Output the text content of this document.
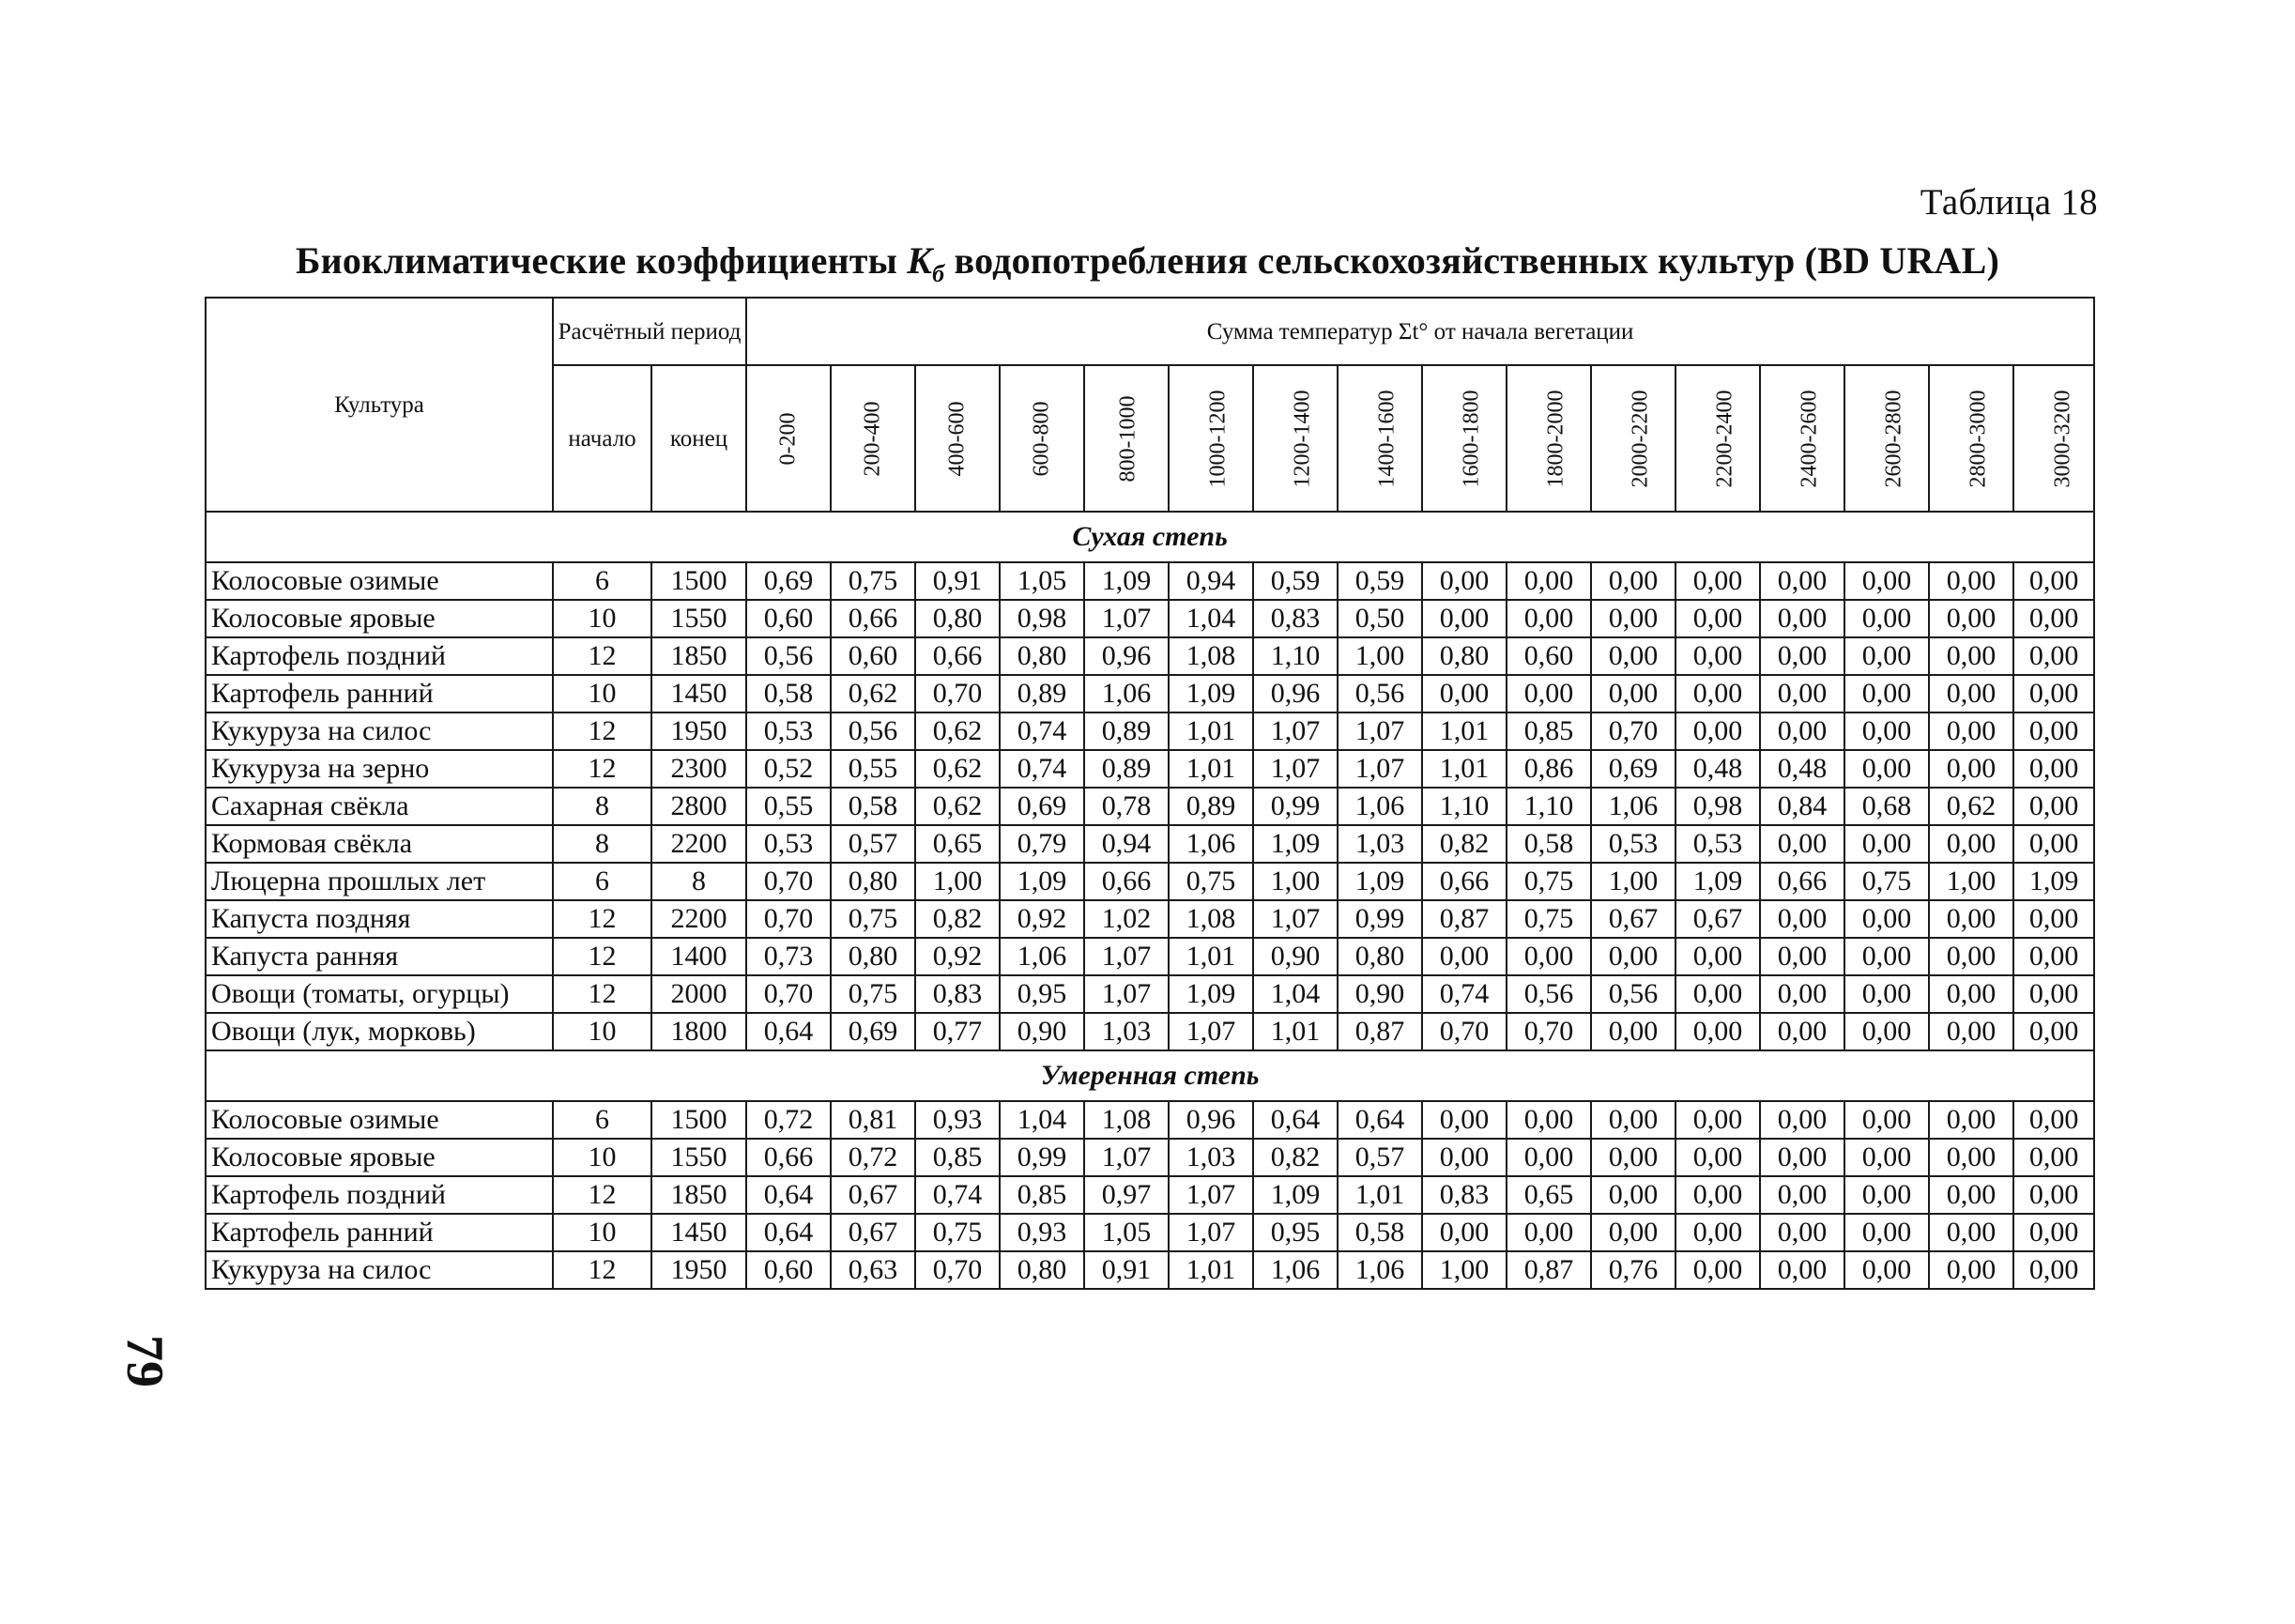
Таблица 18
Биоклиматические коэффициенты $K_б$ водопотребления сельскохозяйственных культур (BD URAL)
Культура	Расчётный период		Сумма температур Σt° от начала вегетации															
	начало	конец	0-200	200-400	400-600	600-800	800-1000	1000-1200	1200-1400	1400-1600	1600-1800	1800-2000	2000-2200	2200-2400	2400-2600	2600-2800	2800-3000	3000-3200
Сухая степь																		
Колосовые озимые	6	1500	0,69	0,75	0,91	1,05	1,09	0,94	0,59	0,59	0,00	0,00	0,00	0,00	0,00	0,00	0,00	0,00
Колосовые яровые	10	1550	0,60	0,66	0,80	0,98	1,07	1,04	0,83	0,50	0,00	0,00	0,00	0,00	0,00	0,00	0,00	0,00
Картофель поздний	12	1850	0,56	0,60	0,66	0,80	0,96	1,08	1,10	1,00	0,80	0,60	0,00	0,00	0,00	0,00	0,00	0,00
Картофель ранний	10	1450	0,58	0,62	0,70	0,89	1,06	1,09	0,96	0,56	0,00	0,00	0,00	0,00	0,00	0,00	0,00	0,00
Кукуруза на силос	12	1950	0,53	0,56	0,62	0,74	0,89	1,01	1,07	1,07	1,01	0,85	0,70	0,00	0,00	0,00	0,00	0,00
Кукуруза на зерно	12	2300	0,52	0,55	0,62	0,74	0,89	1,01	1,07	1,07	1,01	0,86	0,69	0,48	0,48	0,00	0,00	0,00
Сахарная свёкла	8	2800	0,55	0,58	0,62	0,69	0,78	0,89	0,99	1,06	1,10	1,10	1,06	0,98	0,84	0,68	0,62	0,00
Кормовая свёкла	8	2200	0,53	0,57	0,65	0,79	0,94	1,06	1,09	1,03	0,82	0,58	0,53	0,53	0,00	0,00	0,00	0,00
Люцерна прошлых лет	6	8	0,70	0,80	1,00	1,09	0,66	0,75	1,00	1,09	0,66	0,75	1,00	1,09	0,66	0,75	1,00	1,09
Капуста поздняя	12	2200	0,70	0,75	0,82	0,92	1,02	1,08	1,07	0,99	0,87	0,75	0,67	0,67	0,00	0,00	0,00	0,00
Капуста ранняя	12	1400	0,73	0,80	0,92	1,06	1,07	1,01	0,90	0,80	0,00	0,00	0,00	0,00	0,00	0,00	0,00	0,00
Овощи (томаты, огурцы)	12	2000	0,70	0,75	0,83	0,95	1,07	1,09	1,04	0,90	0,74	0,56	0,56	0,00	0,00	0,00	0,00	0,00
Овощи (лук, морковь)	10	1800	0,64	0,69	0,77	0,90	1,03	1,07	1,01	0,87	0,70	0,70	0,00	0,00	0,00	0,00	0,00	0,00
Умеренная степь																		
Колосовые озимые	6	1500	0,72	0,81	0,93	1,04	1,08	0,96	0,64	0,64	0,00	0,00	0,00	0,00	0,00	0,00	0,00	0,00
Колосовые яровые	10	1550	0,66	0,72	0,85	0,99	1,07	1,03	0,82	0,57	0,00	0,00	0,00	0,00	0,00	0,00	0,00	0,00
Картофель поздний	12	1850	0,64	0,67	0,74	0,85	0,97	1,07	1,09	1,01	0,83	0,65	0,00	0,00	0,00	0,00	0,00	0,00
Картофель ранний	10	1450	0,64	0,67	0,75	0,93	1,05	1,07	0,95	0,58	0,00	0,00	0,00	0,00	0,00	0,00	0,00	0,00
Кукуруза на силос	12	1950	0,60	0,63	0,70	0,80	0,91	1,01	1,06	1,06	1,00	0,87	0,76	0,00	0,00	0,00	0,00	0,00
79
